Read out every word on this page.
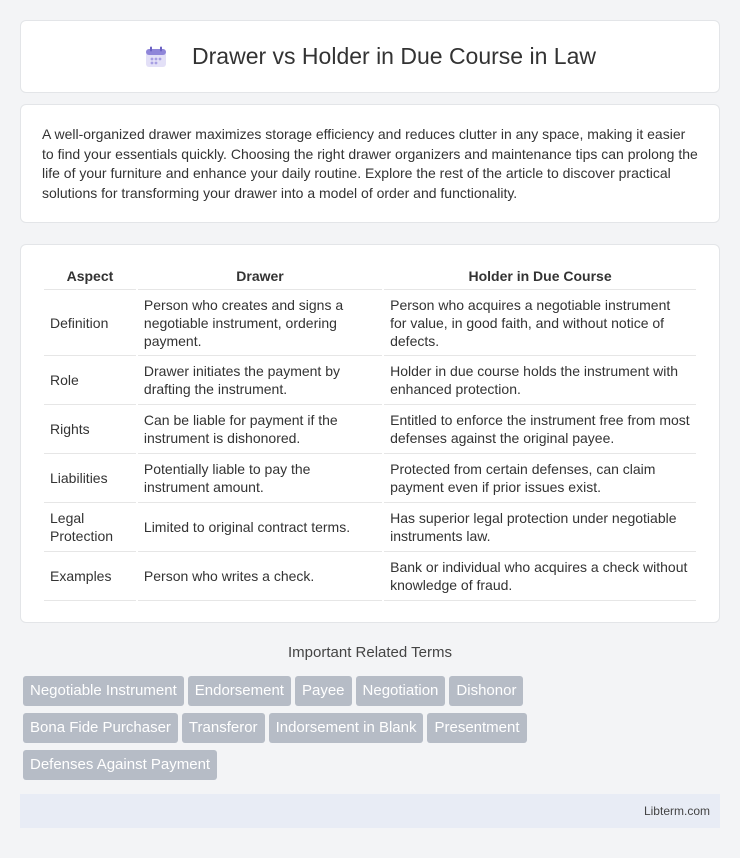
Drawer vs Holder in Due Course in Law

A well-organized drawer maximizes storage efficiency and reduces clutter in any space, making it easier to find your essentials quickly. Choosing the right drawer organizers and maintenance tips can prolong the life of your furniture and enhance your daily routine. Explore the rest of the article to discover practical solutions for transforming your drawer into a model of order and functionality.

Aspect	Drawer	Holder in Due Course
Definition	Person who creates and signs a negotiable instrument, ordering payment.	Person who acquires a negotiable instrument for value, in good faith, and without notice of defects.
Role	Drawer initiates the payment by drafting the instrument.	Holder in due course holds the instrument with enhanced protection.
Rights	Can be liable for payment if the instrument is dishonored.	Entitled to enforce the instrument free from most defenses against the original payee.
Liabilities	Potentially liable to pay the instrument amount.	Protected from certain defenses, can claim payment even if prior issues exist.
Legal Protection	Limited to original contract terms.	Has superior legal protection under negotiable instruments law.
Examples	Person who writes a check.	Bank or individual who acquires a check without knowledge of fraud.
Important Related Terms
Negotiable Instrument Endorsement Payee Negotiation Dishonor
Bona Fide Purchaser Transferor Indorsement in Blank Presentment
Defenses Against Payment
Libterm.com
